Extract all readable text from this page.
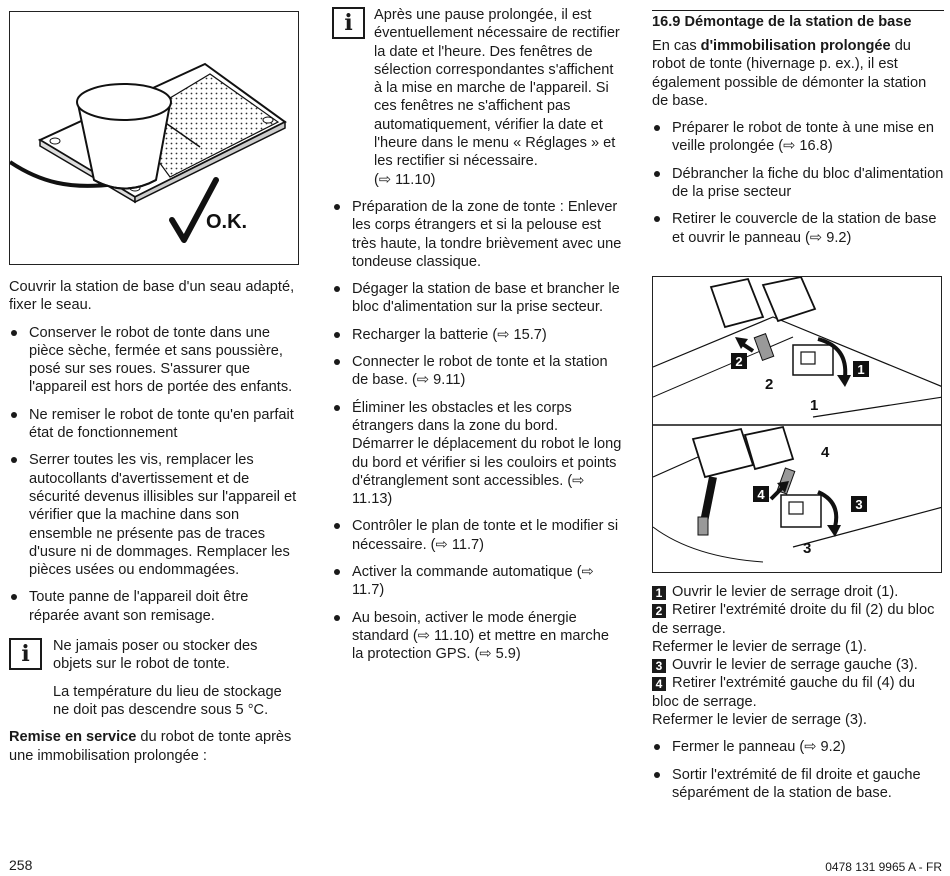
O.K.

Couvrir la station de base d'un seau adapté, fixer le seau.

Conserver le robot de tonte dans une pièce sèche, fermée et sans poussière, posé sur ses roues. S'assurer que l'appareil est hors de portée des enfants.
Ne remiser le robot de tonte qu'en parfait état de fonctionnement
Serrer toutes les vis, remplacer les autocollants d'avertissement et de sécurité devenus illisibles sur l'appareil et vérifier que la machine dans son ensemble ne présente pas de traces d'usure ni de dommages. Remplacer les pièces usées ou endommagées.
Toute panne de l'appareil doit être réparée avant son remisage.
i	Ne jamais poser ou stocker des objets sur le robot de tonte.

La température du lieu de stockage ne doit pas descendre sous 5 °C.

Remise en service du robot de tonte après une immobilisation prolongée :

i	Après une pause prolongée, il est éventuellement nécessaire de rectifier la date et l'heure. Des fenêtres de sélection correspondantes s'affichent à la mise en marche de l'appareil. Si ces fenêtres ne s'affichent pas automatiquement, vérifier la date et l'heure dans le menu « Réglages » et les rectifier si nécessaire.

(⇨ 11.10)

Préparation de la zone de tonte : Enlever les corps étrangers et si la pelouse est très haute, la tondre brièvement avec une tondeuse classique.
Dégager la station de base et brancher le bloc d'alimentation sur la prise secteur.
Recharger la batterie (⇨ 15.7)
Connecter le robot de tonte et la station de base. (⇨ 9.11)
Éliminer les obstacles et les corps étrangers dans la zone du bord. Démarrer le déplacement du robot le long du bord et vérifier si les couloirs et points d'étranglement sont accessibles. (⇨ 11.13)
Contrôler le plan de tonte et le modifier si nécessaire. (⇨ 11.7)
Activer la commande automatique (⇨ 11.7)
Au besoin, activer le mode énergie standard (⇨ 11.10) et mettre en marche la protection GPS. (⇨ 5.9)
16.9 Démontage de la station de base

En cas d'immobilisation prolongée du robot de tonte (hivernage p. ex.), il est également possible de démonter la station de base.

Préparer le robot de tonte à une mise en veille prolongée (⇨ 16.8)
Débrancher la fiche du bloc d'alimentation de la prise secteur
Retirer le couvercle de la station de base et ouvrir le panneau (⇨ 9.2)
1
2
2
1
4
3
4
3

1 Ouvrir le levier de serrage droit (1).

2 Retirer l'extrémité droite du fil (2) du bloc de serrage.

Refermer le levier de serrage (1).

3 Ouvrir le levier de serrage gauche (3).

4 Retirer l'extrémité gauche du fil (4) du bloc de serrage.

Refermer le levier de serrage (3).

Fermer le panneau (⇨ 9.2)
Sortir l'extrémité de fil droite et gauche séparément de la station de base.
258	0478 131 9965 A - FR
